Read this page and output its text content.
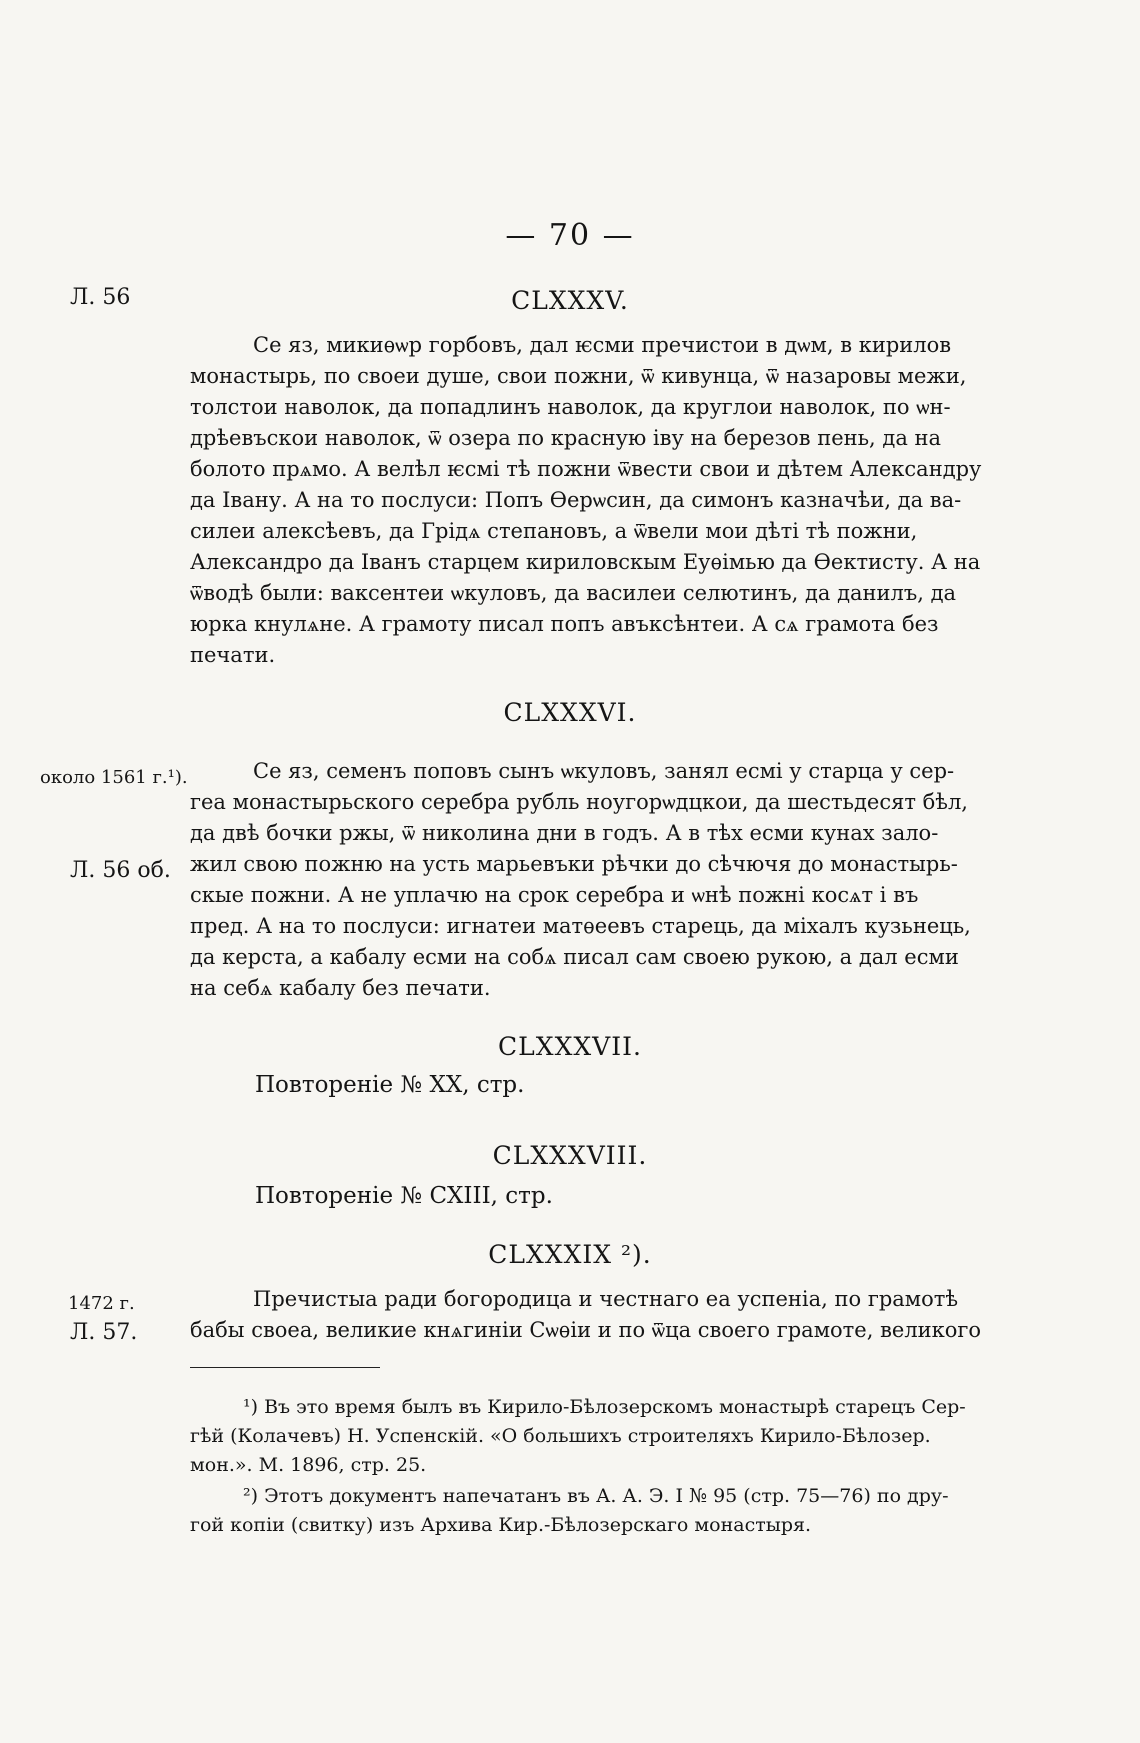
— 70 —
CLXXXV.
Л. 56
Се яз, микиѳѡр горбовъ, дал ѥсми пречистои в дѡм, в кирилов
монастырь, по своеи душе, свои пожни, ѿ кивунца, ѿ назаровы межи,
толстои наволок, да попадлинъ наволок, да круглои наволок, по ѡн-
дрѣевъскои наволок, ѿ озера по красную іву на березов пень, да на
болото прѧмо. А велѣл ѥсмі тѣ пожни ѿвести свои и дѣтем Александру
да Івану. А на то послуси: Попъ Ѳерѡсин, да симонъ казначѣи, да ва-
силеи алексѣевъ, да Грідѧ степановъ, а ѿвели мои дѣті тѣ пожни,
Александро да Іванъ старцем кириловскым Еуѳімью да Ѳектисту. А на
ѿводѣ были: ваксентеи ѡкуловъ, да василеи селютинъ, да данилъ, да
юрка кнулѧне. А грамоту писал попъ авъксѣнтеи. А сѧ грамота без
печати.
CLXXXVI.
около 1561 г.¹).
Л. 56 об.
Се яз, семенъ поповъ сынъ ѡкуловъ, занял есмі у старца у сер-
геа монастырьского серебра рубль ноугорѡдцкои, да шестьдесят бѣл,
да двѣ бочки ржы, ѿ николина дни в годъ. А в тѣх есми кунах зало-
жил свою пожню на усть марьевъки рѣчки до сѣчючя до монастырь-
скые пожни. А не уплачю на срок серебра и ѡнѣ пожні косѧт і въ
пред. А на то послуси: игнатеи матѳеевъ старець, да міхалъ кузьнець,
да керста, а кабалу есми на собѧ писал сам своею рукою, а дал есми
на себѧ кабалу без печати.
CLXXXVII.
Повтореніе № XX, стр.
CLXXXVIII.
Повтореніе № CXIII, стр.
CLXXXIX ²).
1472 г.
Л. 57.
Пречистыа ради богородица и честнаго еа успеніа, по грамотѣ
бабы своеа, великие кнѧгиніи Сѡѳіи и по ѿца своего грамоте, великого
¹) Въ это время былъ въ Кирило-Бѣлозерскомъ монастырѣ старецъ Сер-
гѣй (Колачевъ) Н. Успенскій. «О большихъ строителяхъ Кирило-Бѣлозер.
мон.». М. 1896, стр. 25.
²) Этотъ документъ напечатанъ въ А. А. Э. I № 95 (стр. 75—76) по дру-
гой копіи (свитку) изъ Архива Кир.-Бѣлозерскаго монастыря.
